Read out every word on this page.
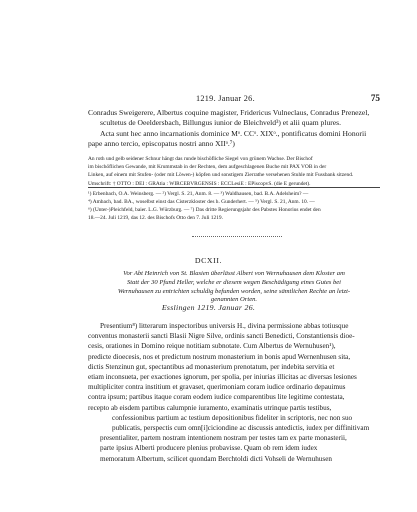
1219. Januar 26.	75
Conradus Sweigerere, Albertus coquine magister, Fridericus Vulneclaus, Conradus Prenezel,
scultetus de Oeeldersbach, Billungus iunior de Bleichveld³) et alii quam plures.
Acta sunt hec anno incarnationis dominice Mᵒ. CCᵒ. XIXᵒ., pontificatus domini Honorii
pape anno tercio, episcopatus nostri anno XIIᵒ.⁷)
An roth und gelb seidener Schnur hängt das runde bischöfliche Siegel von grünem Wachse. Der Bischof
im bischöflichen Gewande, mit Krummstab in der Rechten, dem aufgeschlagenen Buche mit PAX VOB in der
Linken, auf einem mit Stufen- (oder mit Löwen-) köpfen und sonstigem Zierrathe versehenen Stuhle mit Fussbank sitzend.
Umschrift: † OTTO : DEI : GRAtia : WIRCEBVRGENSIS : ECCLesiE : EPiscopvS. (die E gerundet).
¹) Erbenbach, O.A. Weinsberg. — ²) Vergl. S. 21, Anm. 8. — ³) Waldhausen, bad. B.A. Adelsheim? —
⁴) Ambach, bad. BA., woselbst einst das Cisterzkloster des h. Gunderhert. — ⁵) Vergl. S. 21, Anm. 10. —
⁶) (Unter-)Pleichfeld, baier. L.G. Würzburg. — ⁷) Das dritte Regierungsjahr des Pabstes Honorius endet den
18.—24. Juli 1219, das 12. des Bischofs Otto den 7. Juli 1219.
DCXII.
Vor Abt Heinrich von St. Blasien überlässt Albert von Wernuhausen dem Kloster am
Statt der 30 Pfund Heller, welche er diesem wegen Beschädigung eines Gutes bei
Wernuhausen zu entrichten schuldig befunden worden, seine sämtlichen Rechte an letzt-
genannten Orten.
Esslingen 1219. Januar 26.
Presentium⁸) litterarum inspectoribus universis H., divina permissione abbas totiusque
conventus monasterii sancti Blasii Nigre Silve, ordinis sancti Benedicti, Constantiensis dioe-
cesis, orationes in Domino reique notitiam subnotate. Cum Albertus de Wernuhusen¹),
predicte dioecesis, nos et predictum nostrum monasterium in bonis apud Wernenhusen sita,
dictis Stenzinun gut, spectantibus ad monasterium prenotatum, per indebita servitia et
etiam inconsueta, per exactiones ignorum, per spolia, per iniurias illicitas ac diversas lesiones
multipliciter contra institium et gravaset, querimoniam coram iudice ordinario depauimus
contra ipsum; partibus itaque coram eodem iudice comparentibus lite legitime contestata,
recepto ab eisdem partibus calumpnie iuramento, examinatis utrinque partis testibus,
confessionibus partium ac testium depositionibus fideliter in scriptoris, nec non suo
publicatis, perspectis cum omn[i]ciciondine ac discussis antedictis, iudex per diffinitivam
presentialiter, partem nostram intentionem nostram per testes tam ex parte monasterii,
parte ipsius Alberti producere plenius probavisse. Quam ob rem idem iudex
memoratum Albertum, scilicet quondam Berchtoldi dicti Vohseli de Wernuhusen
